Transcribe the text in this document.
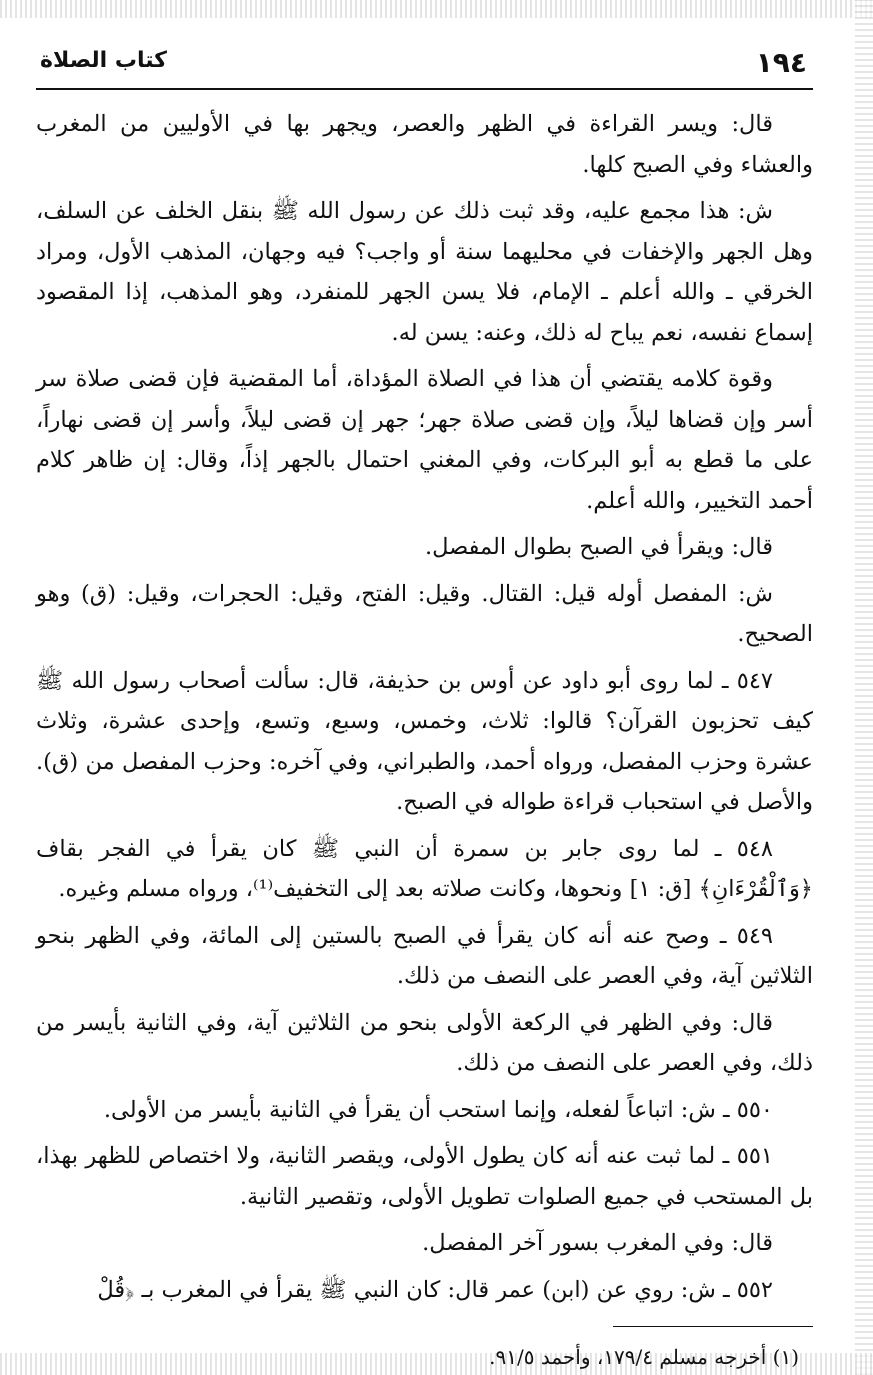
١٩٤
كتاب الصلاة

قال: ويسر القراءة في الظهر والعصر، ويجهر بها في الأوليين من المغرب والعشاء وفي الصبح كلها.

ش: هذا مجمع عليه، وقد ثبت ذلك عن رسول الله ﷺ بنقل الخلف عن السلف، وهل الجهر والإخفات في محليهما سنة أو واجب؟ فيه وجهان، المذهب الأول، ومراد الخرقي ـ والله أعلم ـ الإمام، فلا يسن الجهر للمنفرد، وهو المذهب، إذا المقصود إسماع نفسه، نعم يباح له ذلك، وعنه: يسن له.

وقوة كلامه يقتضي أن هذا في الصلاة المؤداة، أما المقضية فإن قضى صلاة سر أسر وإن قضاها ليلاً، وإن قضى صلاة جهر؛ جهر إن قضى ليلاً، وأسر إن قضى نهاراً، على ما قطع به أبو البركات، وفي المغني احتمال بالجهر إذاً، وقال: إن ظاهر كلام أحمد التخيير، والله أعلم.

قال: ويقرأ في الصبح بطوال المفصل.

ش: المفصل أوله قيل: القتال. وقيل: الفتح، وقيل: الحجرات، وقيل: (ق) وهو الصحيح.

٥٤٧ ـ لما روى أبو داود عن أوس بن حذيفة، قال: سألت أصحاب رسول الله ﷺ كيف تحزبون القرآن؟ قالوا: ثلاث، وخمس، وسبع، وتسع، وإحدى عشرة، وثلاث عشرة وحزب المفصل، ورواه أحمد، والطبراني، وفي آخره: وحزب المفصل من (ق). والأصل في استحباب قراءة طواله في الصبح.

٥٤٨ ـ لما روى جابر بن سمرة أن النبي ﷺ كان يقرأ في الفجر بقاف ﴿وَٱلْقُرْءَانِ﴾ [ق: ١] ونحوها، وكانت صلاته بعد إلى التخفيف⁽¹⁾، ورواه مسلم وغيره.

٥٤٩ ـ وصح عنه أنه كان يقرأ في الصبح بالستين إلى المائة، وفي الظهر بنحو الثلاثين آية، وفي العصر على النصف من ذلك.

قال: وفي الظهر في الركعة الأولى بنحو من الثلاثين آية، وفي الثانية بأيسر من ذلك، وفي العصر على النصف من ذلك.

٥٥٠ ـ ش: اتباعاً لفعله، وإنما استحب أن يقرأ في الثانية بأيسر من الأولى.

٥٥١ ـ لما ثبت عنه أنه كان يطول الأولى، ويقصر الثانية، ولا اختصاص للظهر بهذا، بل المستحب في جميع الصلوات تطويل الأولى، وتقصير الثانية.

قال: وفي المغرب بسور آخر المفصل.

٥٥٢ ـ ش: روي عن (ابن) عمر قال: كان النبي ﷺ يقرأ في المغرب بـ ﴿قُلْ

(١) أخرجه مسلم ١٧٩/٤، وأحمد ٩١/٥.
